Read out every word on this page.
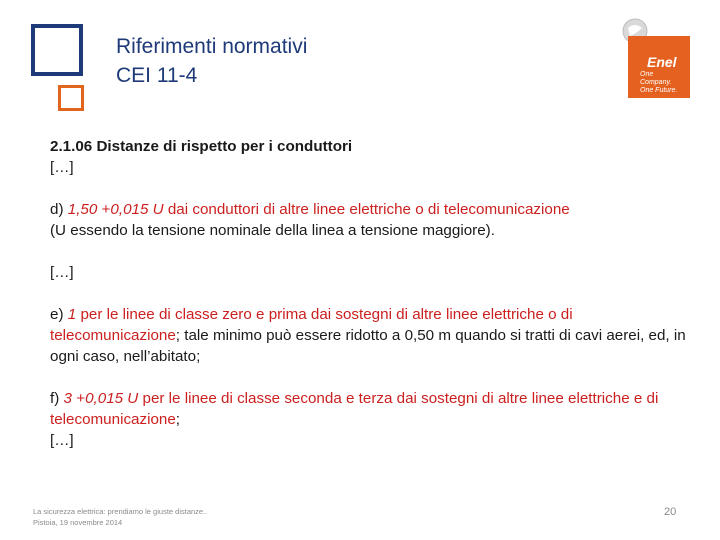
Riferimenti normativi
CEI 11-4
Enel
One Company. One Future.

2.1.06 Distanze di rispetto per i conduttori

[…]

d) 1,50 +0,015 U dai conduttori di altre linee elettriche o di telecomunicazione
(U essendo la tensione nominale della linea a tensione maggiore).

[…]

e) 1 per le linee di classe zero e prima dai sostegni di altre linee elettriche o di telecomunicazione; tale minimo può essere ridotto a 0,50 m quando si tratti di cavi aerei, ed, in ogni caso, nell’abitato;

f) 3 +0,015 U per le linee di classe seconda e terza dai sostegni di altre linee elettriche e di telecomunicazione;

[…]

La sicurezza elettrica: prendiamo le giuste distanze..
Pistoia, 19 novembre 2014
20
